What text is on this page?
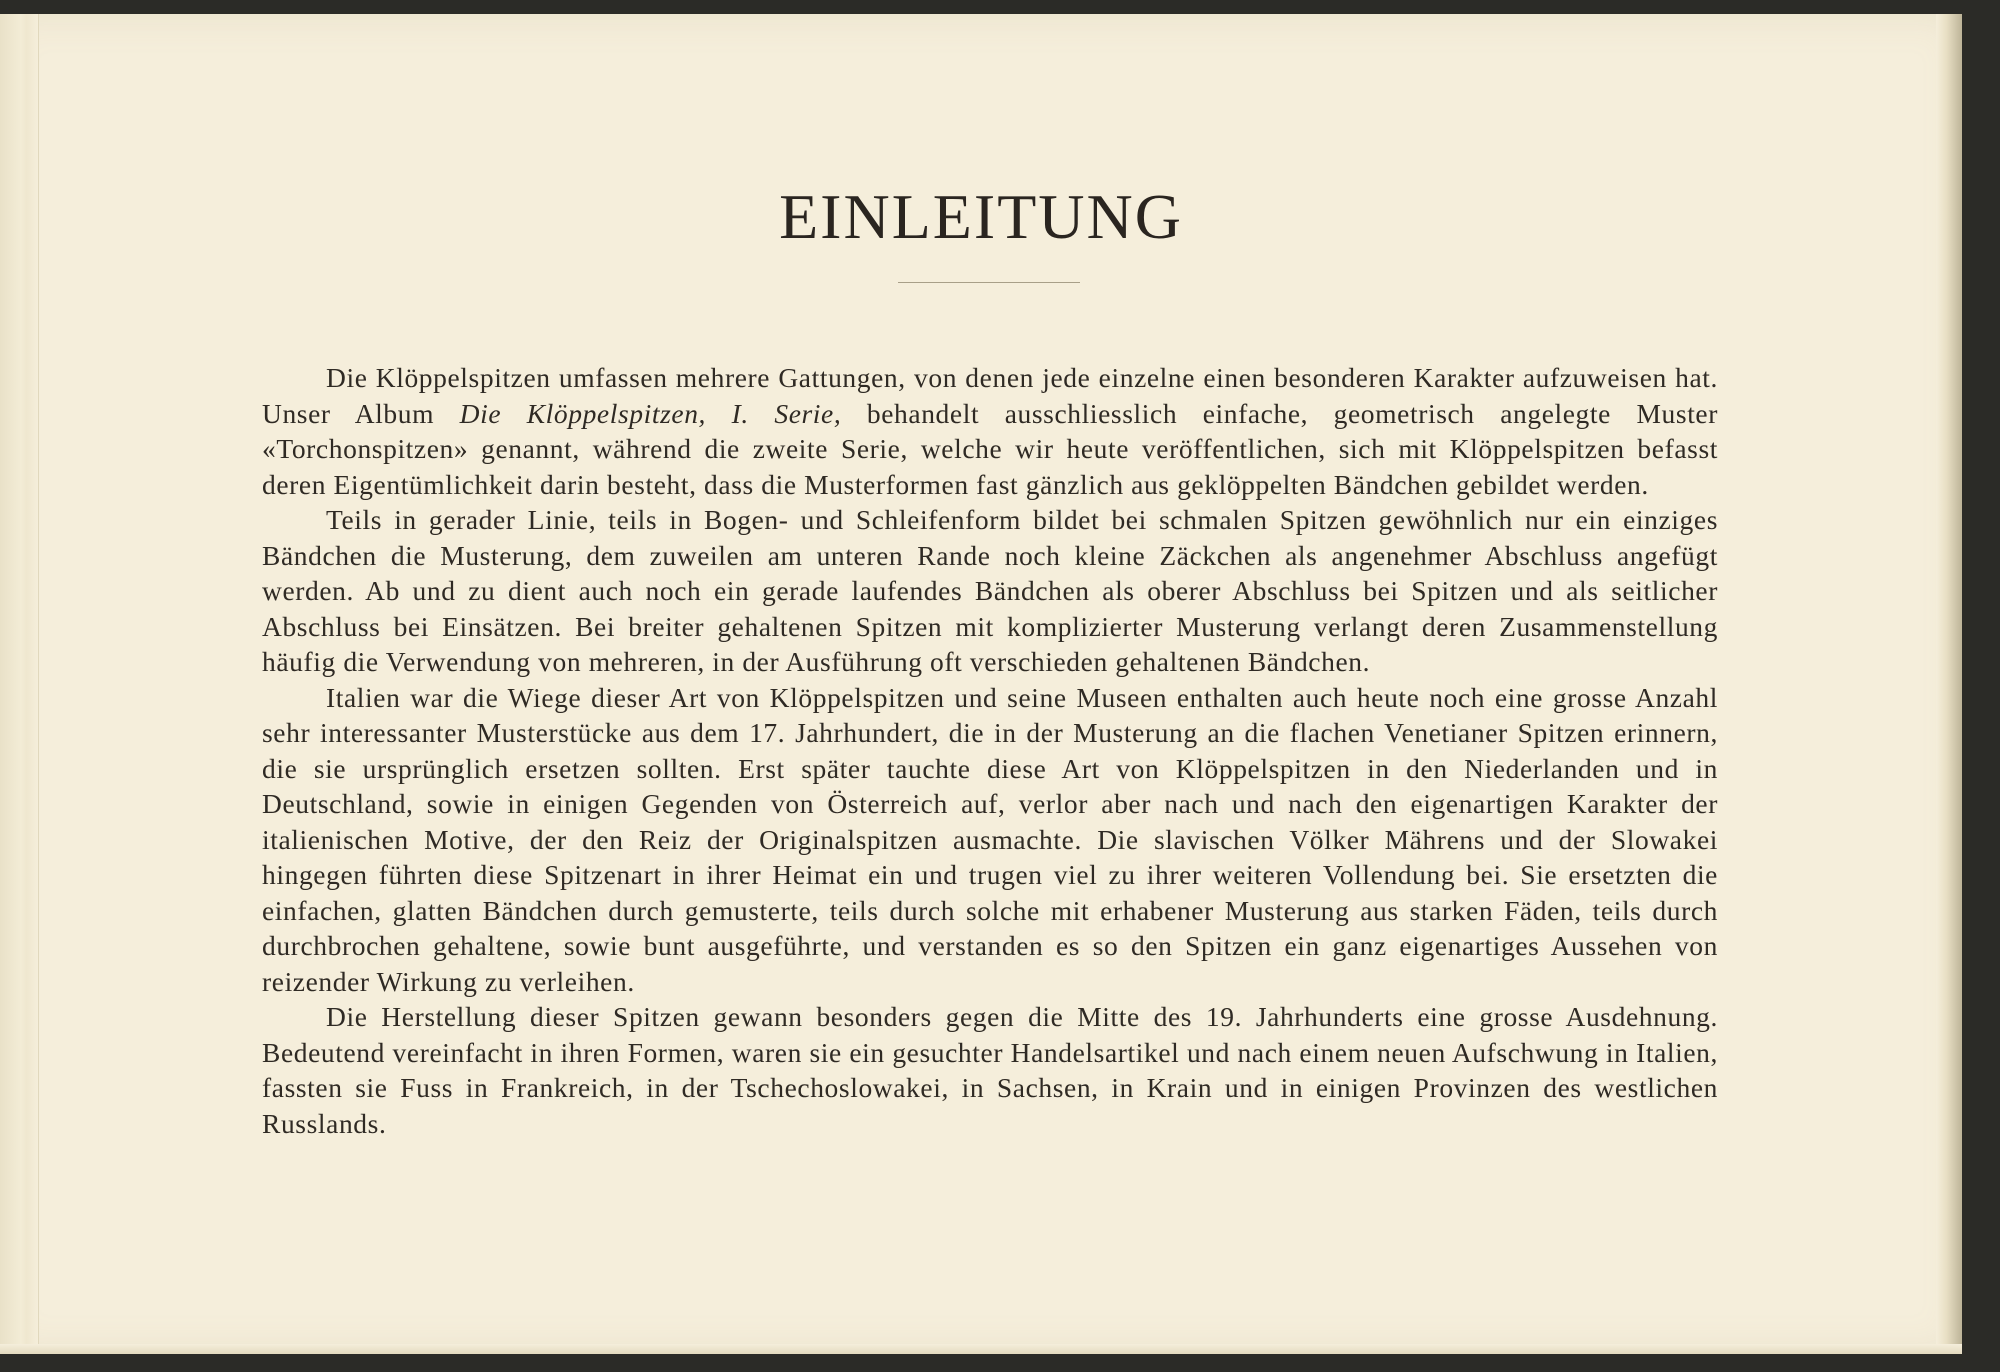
EINLEITUNG

Die Klöppelspitzen umfassen mehrere Gattungen, von denen jede einzelne einen besonderen Karakter aufzuweisen hat. Unser Album Die Klöppelspitzen, I. Serie, behandelt ausschliesslich einfache, geometrisch angelegte Muster «Torchonspitzen» genannt, während die zweite Serie, welche wir heute veröffentlichen, sich mit Klöppelspitzen befasst deren Eigentümlichkeit darin besteht, dass die Musterformen fast gänzlich aus geklöppelten Bändchen gebildet werden.

Teils in gerader Linie, teils in Bogen- und Schleifenform bildet bei schmalen Spitzen gewöhnlich nur ein einziges Bändchen die Musterung, dem zuweilen am unteren Rande noch kleine Zäckchen als angenehmer Abschluss angefügt werden. Ab und zu dient auch noch ein gerade laufendes Bändchen als oberer Abschluss bei Spitzen und als seitlicher Abschluss bei Einsätzen. Bei breiter gehaltenen Spitzen mit komplizierter Musterung verlangt deren Zusammenstellung häufig die Verwendung von mehreren, in der Ausführung oft verschieden gehaltenen Bändchen.

Italien war die Wiege dieser Art von Klöppelspitzen und seine Museen enthalten auch heute noch eine grosse Anzahl sehr interessanter Musterstücke aus dem 17. Jahrhundert, die in der Musterung an die flachen Venetianer Spitzen erinnern, die sie ursprünglich ersetzen sollten. Erst später tauchte diese Art von Klöppelspitzen in den Niederlanden und in Deutschland, sowie in einigen Gegenden von Österreich auf, verlor aber nach und nach den eigenartigen Karakter der italienischen Motive, der den Reiz der Originalspitzen ausmachte. Die slavischen Völker Mährens und der Slowakei hingegen führten diese Spitzenart in ihrer Heimat ein und trugen viel zu ihrer weiteren Vollendung bei. Sie ersetzten die einfachen, glatten Bändchen durch gemusterte, teils durch solche mit erhabener Musterung aus starken Fäden, teils durch durchbrochen gehaltene, sowie bunt ausgeführte, und verstanden es so den Spitzen ein ganz eigenartiges Aussehen von reizender Wirkung zu verleihen.

Die Herstellung dieser Spitzen gewann besonders gegen die Mitte des 19. Jahrhunderts eine grosse Ausdehnung. Bedeutend vereinfacht in ihren Formen, waren sie ein gesuchter Handelsartikel und nach einem neuen Aufschwung in Italien, fassten sie Fuss in Frankreich, in der Tschechoslowakei, in Sachsen, in Krain und in einigen Provinzen des westlichen Russlands.
